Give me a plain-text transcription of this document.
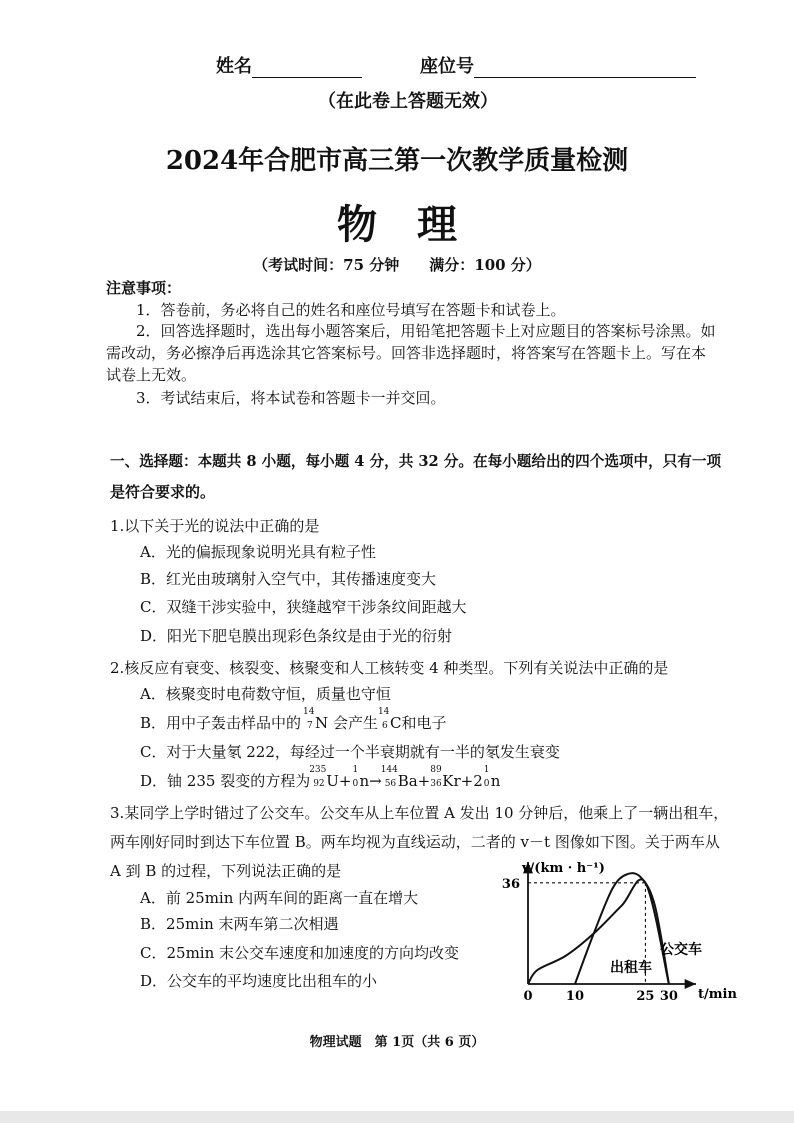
姓名	座位号
（在此卷上答题无效）
2024年合肥市高三第一次教学质量检测
物　理
（考试时间：75 分钟　　满分：100 分）
注意事项：
1．答卷前，务必将自己的姓名和座位号填写在答题卡和试卷上。
2．回答选择题时，选出每小题答案后，用铅笔把答题卡上对应题目的答案标号涂黑。如
需改动，务必擦净后再选涂其它答案标号。回答非选择题时，将答案写在答题卡上。写在本
试卷上无效。
3．考试结束后，将本试卷和答题卡一并交回。
一、选择题：本题共 8 小题，每小题 4 分，共 32 分。在每小题给出的四个选项中，只有一项
是符合要求的。
1.以下关于光的说法中正确的是
A．光的偏振现象说明光具有粒子性
B．红光由玻璃射入空气中，其传播速度变大
C．双缝干涉实验中，狭缝越窄干涉条纹间距越大
D．阳光下肥皂膜出现彩色条纹是由于光的衍射
2.核反应有衰变、核裂变、核聚变和人工核转变 4 种类型。下列有关说法中正确的是
A．核聚变时电荷数守恒，质量也守恒
B．用中子轰击样品中的
14
7 N 会产生
14
6 C和电子
C．对于大量氡 222，每经过一个半衰期就有一半的氡发生衰变
D．铀 235 裂变的方程为
235
92 U+
1
0 n→
144
56 Ba+
89
36 Kr+2
1
0 n
3.某同学上学时错过了公交车。公交车从上车位置 A 发出 10 分钟后，他乘上了一辆出租车，
两车刚好同时到达下车位置 B。两车均视为直线运动，二者的 v－t 图像如下图。关于两车从
A 到 B 的过程，下列说法正确的是
A．前 25min 内两车间的距离一直在增大
B．25min 末两车第二次相遇
C．25min 末公交车速度和加速度的方向均改变
D．公交车的平均速度比出租车的小
v/(km · h⁻¹)
t/min
0	10	25 30
36
公交车
出租车
物理试题　第 1页（共 6 页）
